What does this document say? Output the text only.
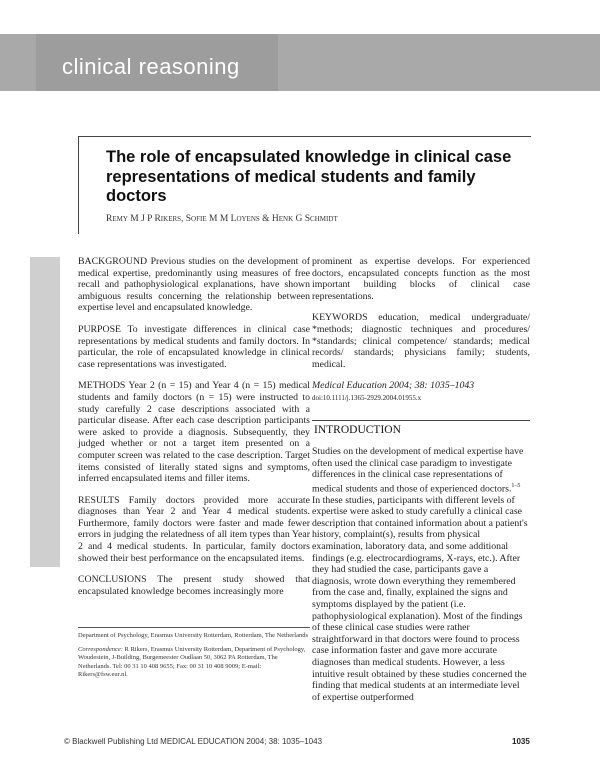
clinical reasoning
The role of encapsulated knowledge in clinical case representations of medical students and family doctors
Remy M J P Rikers, Sofie M M Loyens & Henk G Schmidt

BACKGROUND Previous studies on the development of medical expertise, predominantly using measures of free recall and pathophysiological explanations, have shown ambiguous results concerning the relationship between expertise level and encapsulated knowledge.

PURPOSE To investigate differences in clinical case representations by medical students and family doctors. In particular, the role of encapsulated knowledge in clinical case representations was investigated.

METHODS Year 2 (n = 15) and Year 4 (n = 15) medical students and family doctors (n = 15) were instructed to study carefully 2 case descriptions associated with a particular disease. After each case description participants were asked to provide a diagnosis. Subsequently, they judged whether or not a target item presented on a computer screen was related to the case description. Target items consisted of literally stated signs and symptoms, inferred encapsulated items and filler items.

RESULTS Family doctors provided more accurate diagnoses than Year 2 and Year 4 medical students. Furthermore, family doctors were faster and made fewer errors in judging the relatedness of all item types than Year 2 and 4 medical students. In particular, family doctors showed their best performance on the encapsulated items.

CONCLUSIONS The present study showed that encapsulated knowledge becomes increasingly more

prominent as expertise develops. For experienced doctors, encapsulated concepts function as the most important building blocks of clinical case representations.

KEYWORDS education, medical undergraduate/ *methods; diagnostic techniques and procedures/ *standards; clinical competence/ standards; medical records/ standards; physicians family; students, medical.

Medical Education 2004; 38: 1035–1043
doi:10.1111/j.1365-2929.2004.01955.x

INTRODUCTION

Studies on the development of medical expertise have often used the clinical case paradigm to investigate differences in the clinical case representations of medical students and those of experienced doctors.$^{1-5}$ In these studies, participants with different levels of expertise were asked to study carefully a clinical case description that contained information about a patient's history, complaint(s), results from physical examination, laboratory data, and some additional findings (e.g. electrocardiograms, X-rays, etc.). After they had studied the case, participants gave a diagnosis, wrote down everything they remembered from the case and, finally, explained the signs and symptoms displayed by the patient (i.e. pathophysiological explanation). Most of the findings of these clinical case studies were rather straightforward in that doctors were found to process case information faster and gave more accurate diagnoses than medical students. However, a less intuitive result obtained by these studies concerned the finding that medical students at an intermediate level of expertise outperformed

Department of Psychology, Erasmus University Rotterdam, Rotterdam, The Netherlands

Correspondence: R Rikers, Erasmus University Rotterdam, Department of Psychology, Woudestein, J-Building, Burgemeester Oudlaan 50, 3062 PA Rotterdam, The Netherlands. Tel: 00 31 10 408 9655; Fax: 00 31 10 408 9009; E-mail: Rikers@fsw.eur.nl.

© Blackwell Publishing Ltd MEDICAL EDUCATION 2004; 38: 1035–1043	1035
